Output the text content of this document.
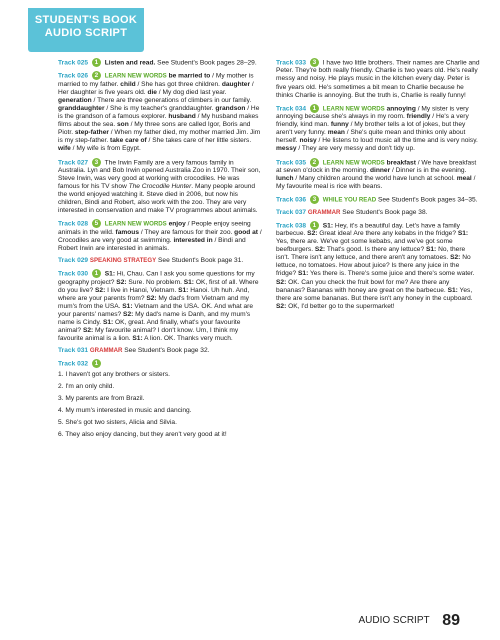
STUDENT'S BOOK
AUDIO SCRIPT
Track 025 1 Listen and read. See Student's Book pages 28–29.
Track 026 2 LEARN NEW WORDS be married to / My mother is married to my father. child / She has got three children. daughter / Her daughter is five years old. die / My dog died last year. generation / There are three generations of climbers in our family. granddaughter / She is my teacher's granddaughter. grandson / He is the grandson of a famous explorer. husband / My husband makes films about the sea. son / My three sons are called Igor, Boris and Piotr. step-father / When my father died, my mother married Jim. Jim is my step-father. take care of / She takes care of her little sisters. wife / My wife is from Egypt.
Track 027 3 The Irwin Family are a very famous family in Australia. Lyn and Bob Irwin opened Australia Zoo in 1970. Their son, Steve Irwin, was very good at working with crocodiles. He was famous for his TV show The Crocodile Hunter. Many people around the world enjoyed watching it. Steve died in 2006, but now his children, Bindi and Robert, also work with the zoo. They are very interested in conservation and make TV programmes about animals.
Track 028 5 LEARN NEW WORDS enjoy / People enjoy seeing animals in the wild. famous / They are famous for their zoo. good at / Crocodiles are very good at swimming. interested in / Bindi and Robert Irwin are interested in animals.
Track 029 SPEAKING STRATEGY See Student's Book page 31.
Track 030 1 S1: Hi, Chau. Can I ask you some questions for my geography project? S2: Sure. No problem. S1: OK, first of all. Where do you live? S2: I live in Hanoi, Vietnam. S1: Hanoi. Uh huh. And, where are your parents from? S2: My dad's from Vietnam and my mum's from the USA. S1: Vietnam and the USA. OK. And what are your parents' names? S2: My dad's name is Danh, and my mum's name is Cindy. S1: OK, great. And finally, what's your favourite animal? S2: My favourite animal? I don't know. Um, I think my favourite animal is a lion. S1: A lion. OK. Thanks very much.
Track 031 GRAMMAR See Student's Book page 32.
Track 032 1
1. I haven't got any brothers or sisters.
2. I'm an only child.
3. My parents are from Brazil.
4. My mum's interested in music and dancing.
5. She's got two sisters, Alicia and Silvia.
6. They also enjoy dancing, but they aren't very good at it!
Track 033 3 I have two little brothers. Their names are Charlie and Peter. They're both really friendly. Charlie is two years old. He's really messy and noisy. He plays music in the kitchen every day. Peter is five years old. He's sometimes a bit mean to Charlie because he thinks Charlie is annoying. But the truth is, Charlie is really funny!
Track 034 1 LEARN NEW WORDS annoying / My sister is very annoying because she's always in my room. friendly / He's a very friendly, kind man. funny / My brother tells a lot of jokes, but they aren't very funny. mean / She's quite mean and thinks only about herself. noisy / He listens to loud music all the time and is very noisy. messy / They are very messy and don't tidy up.
Track 035 2 LEARN NEW WORDS breakfast / We have breakfast at seven o'clock in the morning. dinner / Dinner is in the evening. lunch / Many children around the world have lunch at school. meal / My favourite meal is rice with beans.
Track 036 3 WHILE YOU READ See Student's Book pages 34–35.
Track 037 GRAMMAR See Student's Book page 38.
Track 038 1 S1: Hey, it's a beautiful day. Let's have a family barbecue. S2: Great idea! Are there any kebabs in the fridge? S1: Yes, there are. We've got some kebabs, and we've got some beefburgers. S2: That's good. Is there any lettuce? S1: No, there isn't. There isn't any lettuce, and there aren't any tomatoes. S2: No lettuce, no tomatoes. How about juice? Is there any juice in the fridge? S1: Yes there is. There's some juice and there's some water. S2: OK. Can you check the fruit bowl for me? Are there any bananas? Bananas with honey are great on the barbecue. S1: Yes, there are some bananas. But there isn't any honey in the cupboard. S2: OK, I'd better go to the supermarket!
AUDIO SCRIPT 89
